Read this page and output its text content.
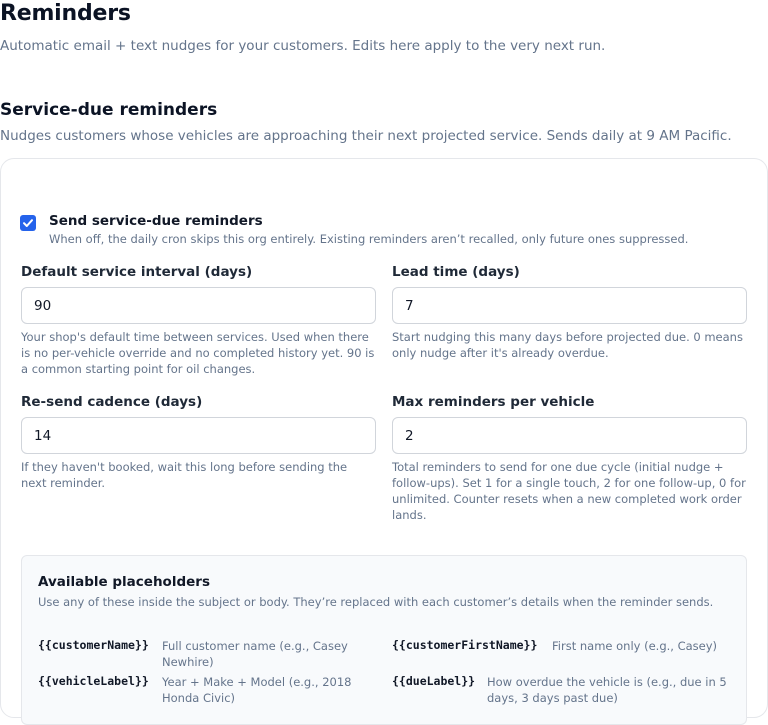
Reminders
Automatic email + text nudges for your customers. Edits here apply to the very next run.
Service-due reminders
Nudges customers whose vehicles are approaching their next projected service. Sends daily at 9 AM Pacific.
Send service-due reminders
When off, the daily cron skips this org entirely. Existing reminders aren’t recalled, only future ones suppressed.
Default service interval (days)
90
Your shop's default time between services. Used when there is no per-vehicle override and no completed history yet. 90 is a common starting point for oil changes.
Lead time (days)
7
Start nudging this many days before projected due. 0 means only nudge after it's already overdue.
Re-send cadence (days)
14
If they haven't booked, wait this long before sending the next reminder.
Max reminders per vehicle
2
Total reminders to send for one due cycle (initial nudge + follow-ups). Set 1 for a single touch, 2 for one follow-up, 0 for unlimited. Counter resets when a new completed work order lands.
Available placeholders
Use any of these inside the subject or body. They’re replaced with each customer’s details when the reminder sends.
{{customerName}} Full customer name (e.g., Casey Newhire)
{{customerFirstName}} First name only (e.g., Casey)
{{vehicleLabel}} Year + Make + Model (e.g., 2018 Honda Civic)
{{dueLabel}} How overdue the vehicle is (e.g., due in 5 days, 3 days past due)
